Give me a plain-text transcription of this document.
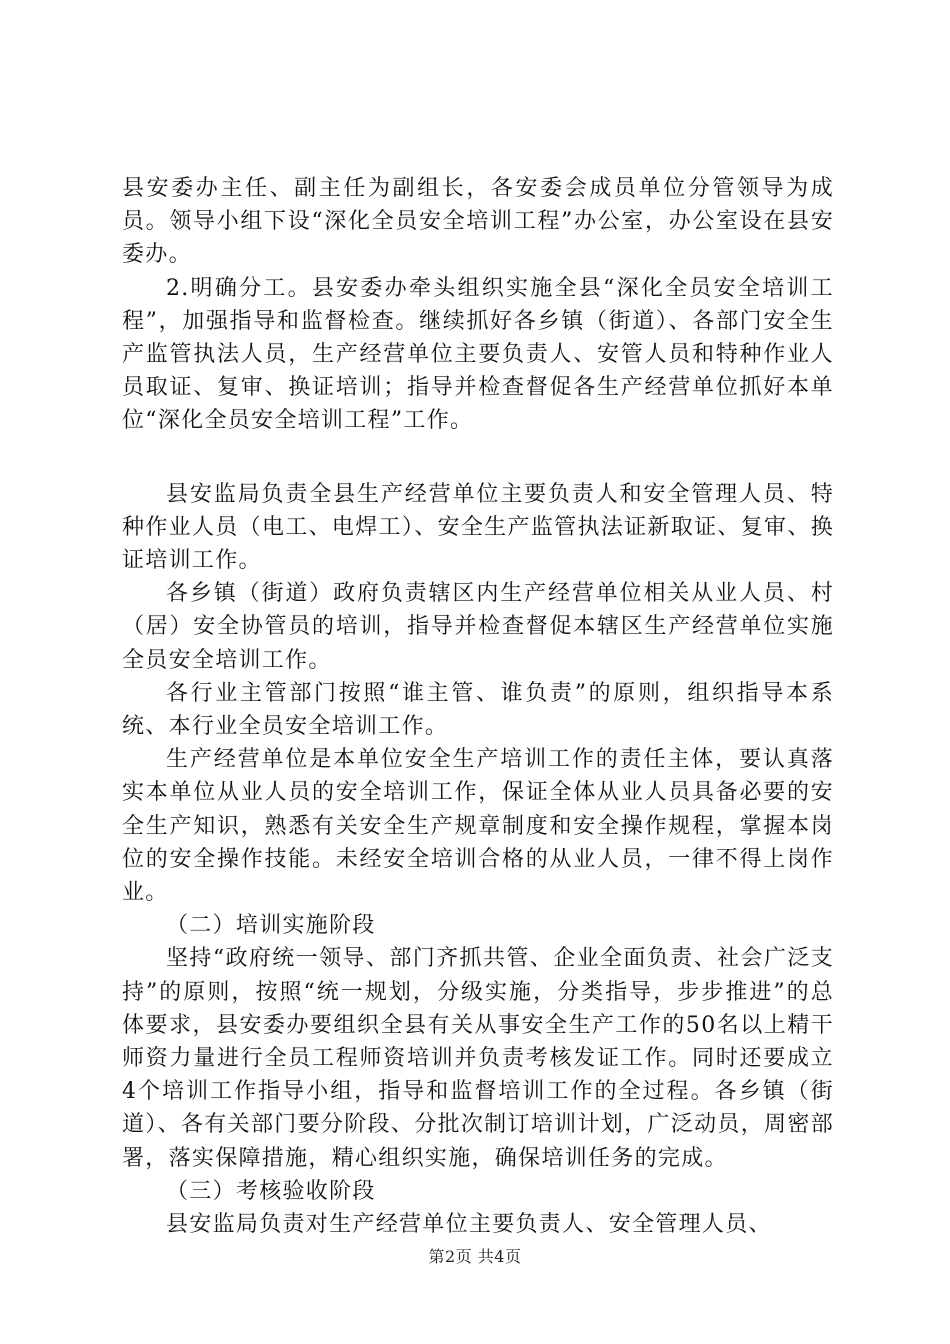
县安委办主任、副主任为副组长，各安委会成员单位分管领导为成员。领导小组下设“深化全员安全培训工程”办公室，办公室设在县安委办。

2.明确分工。县安委办牵头组织实施全县“深化全员安全培训工程”，加强指导和监督检查。继续抓好各乡镇（街道）、各部门安全生产监管执法人员，生产经营单位主要负责人、安管人员和特种作业人员取证、复审、换证培训；指导并检查督促各生产经营单位抓好本单位“深化全员安全培训工程”工作。

县安监局负责全县生产经营单位主要负责人和安全管理人员、特种作业人员（电工、电焊工）、安全生产监管执法证新取证、复审、换证培训工作。

各乡镇（街道）政府负责辖区内生产经营单位相关从业人员、村（居）安全协管员的培训，指导并检查督促本辖区生产经营单位实施全员安全培训工作。

各行业主管部门按照“谁主管、谁负责”的原则，组织指导本系统、本行业全员安全培训工作。

生产经营单位是本单位安全生产培训工作的责任主体，要认真落实本单位从业人员的安全培训工作，保证全体从业人员具备必要的安全生产知识，熟悉有关安全生产规章制度和安全操作规程，掌握本岗位的安全操作技能。未经安全培训合格的从业人员，一律不得上岗作业。

（二）培训实施阶段

坚持“政府统一领导、部门齐抓共管、企业全面负责、社会广泛支持”的原则，按照“统一规划，分级实施，分类指导，步步推进”的总体要求，县安委办要组织全县有关从事安全生产工作的50名以上精干师资力量进行全员工程师资培训并负责考核发证工作。同时还要成立4个培训工作指导小组，指导和监督培训工作的全过程。各乡镇（街道）、各有关部门要分阶段、分批次制订培训计划，广泛动员，周密部署，落实保障措施，精心组织实施，确保培训任务的完成。

（三）考核验收阶段

县安监局负责对生产经营单位主要负责人、安全管理人员、

第2页 共4页
